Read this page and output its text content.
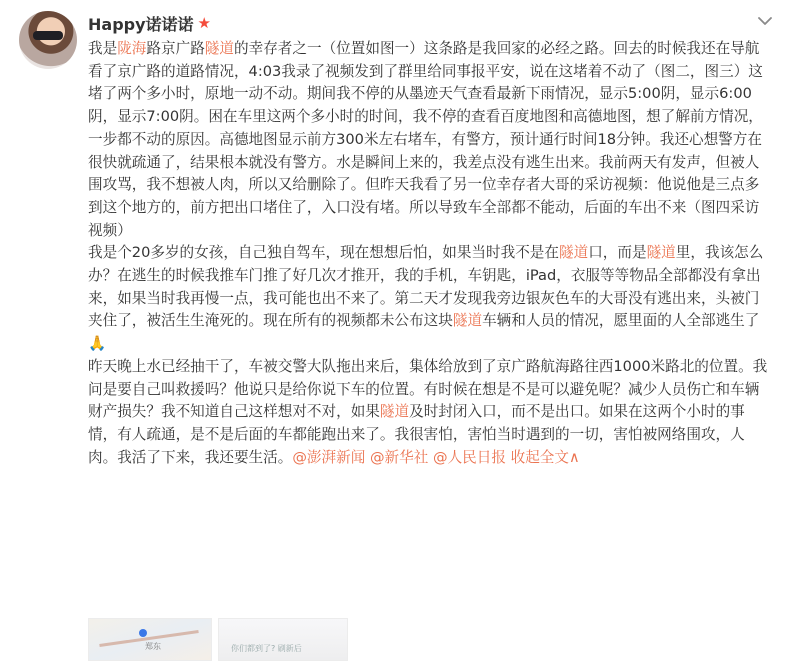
Happy诺诺诺 ★

我是陇海路京广路隧道的幸存者之一（位置如图一）这条路是我回家的必经之路。回去的时候我还在导航看了京广路的道路情况，4:03我录了视频发到了群里给同事报平安，说在这堵着不动了（图二，图三）这堵了两个多小时，原地一动不动。期间我不停的从墨迹天气查看最新下雨情况，显示5:00阴，显示6:00阴，显示7:00阴。困在车里这两个多小时的时间，我不停的查看百度地图和高德地图，想了解前方情况，一步都不动的原因。高德地图显示前方300米左右堵车，有警方，预计通行时间18分钟。我还心想警方在很快就疏通了，结果根本就没有警方。水是瞬间上来的，我差点没有逃生出来。我前两天有发声，但被人围攻骂，我不想被人肉，所以又给删除了。但昨天我看了另一位幸存者大哥的采访视频：他说他是三点多到这个地方的，前方把出口堵住了，入口没有堵。所以导致车全部都不能动，后面的车出不来（图四采访视频）

我是个20多岁的女孩，自己独自驾车，现在想想后怕，如果当时我不是在隧道口，而是隧道里，我该怎么办？在逃生的时候我推车门推了好几次才推开，我的手机，车钥匙，iPad，衣服等等物品全部都没有拿出来，如果当时我再慢一点，我可能也出不来了。第二天才发现我旁边银灰色车的大哥没有逃出来，头被门夹住了，被活生生淹死的。现在所有的视频都未公布这块隧道车辆和人员的情况，愿里面的人全部逃生了🙏

昨天晚上水已经抽干了，车被交警大队拖出来后，集体给放到了京广路航海路往西1000米路北的位置。我问是要自己叫救援吗？他说只是给你说下车的位置。有时候在想是不是可以避免呢？减少人员伤亡和车辆财产损失？我不知道自己这样想对不对，如果隧道及时封闭入口，而不是出口。如果在这两个小时的事情，有人疏通，是不是后面的车都能跑出来了。我很害怕，害怕当时遇到的一切，害怕被网络围攻，人肉。我活了下来，我还要生活。@澎湃新闻 @新华社 @人民日报 收起全文∧

郑东	你们都到了? 刷新后
